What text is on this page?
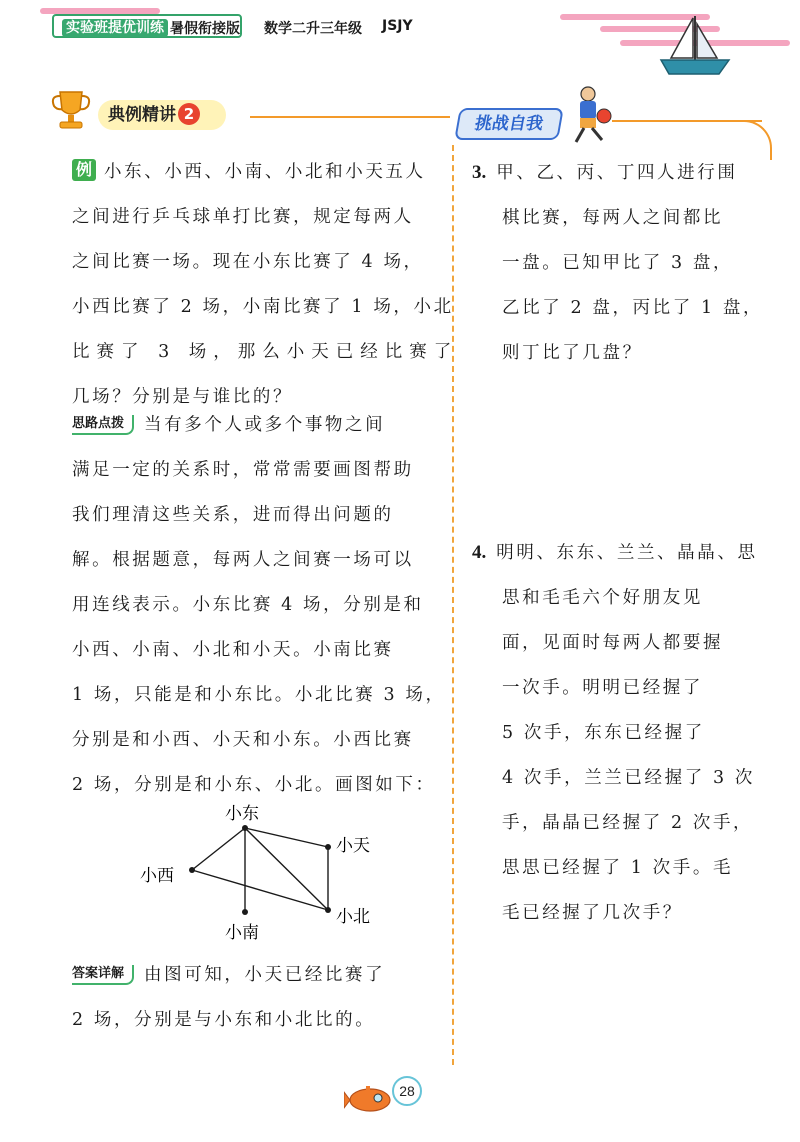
实验班提优训练 暑假衔接版 数学二升三年级 JSJY
典例精讲 2	挑战自我
例 小东、小西、小南、小北和小天五人
之间进行乒乓球单打比赛，规定每两人
之间比赛一场。现在小东比赛了 4 场，
小西比赛了 2 场，小南比赛了 1 场，小北
比赛了 3 场，那么小天已经比赛了
几场？分别是与谁比的？
思路点拨 当有多个人或多个事物之间
满足一定的关系时，常常需要画图帮助
我们理清这些关系，进而得出问题的
解。根据题意，每两人之间赛一场可以
用连线表示。小东比赛 4 场，分别是和
小西、小南、小北和小天。小南比赛
1 场，只能是和小东比。小北比赛 3 场，
分别是和小西、小天和小东。小西比赛
2 场，分别是和小东、小北。画图如下：
小东
小天
小西
小北
小南
答案详解 由图可知，小天已经比赛了
2 场，分别是与小东和小北比的。
3. 甲、乙、丙、丁四人进行围
棋比赛，每两人之间都比
一盘。已知甲比了 3 盘，
乙比了 2 盘，丙比了 1 盘，
则丁比了几盘？
4. 明明、东东、兰兰、晶晶、思
思和毛毛六个好朋友见
面，见面时每两人都要握
一次手。明明已经握了
5 次手，东东已经握了
4 次手，兰兰已经握了 3 次
手，晶晶已经握了 2 次手，
思思已经握了 1 次手。毛
毛已经握了几次手？
28
